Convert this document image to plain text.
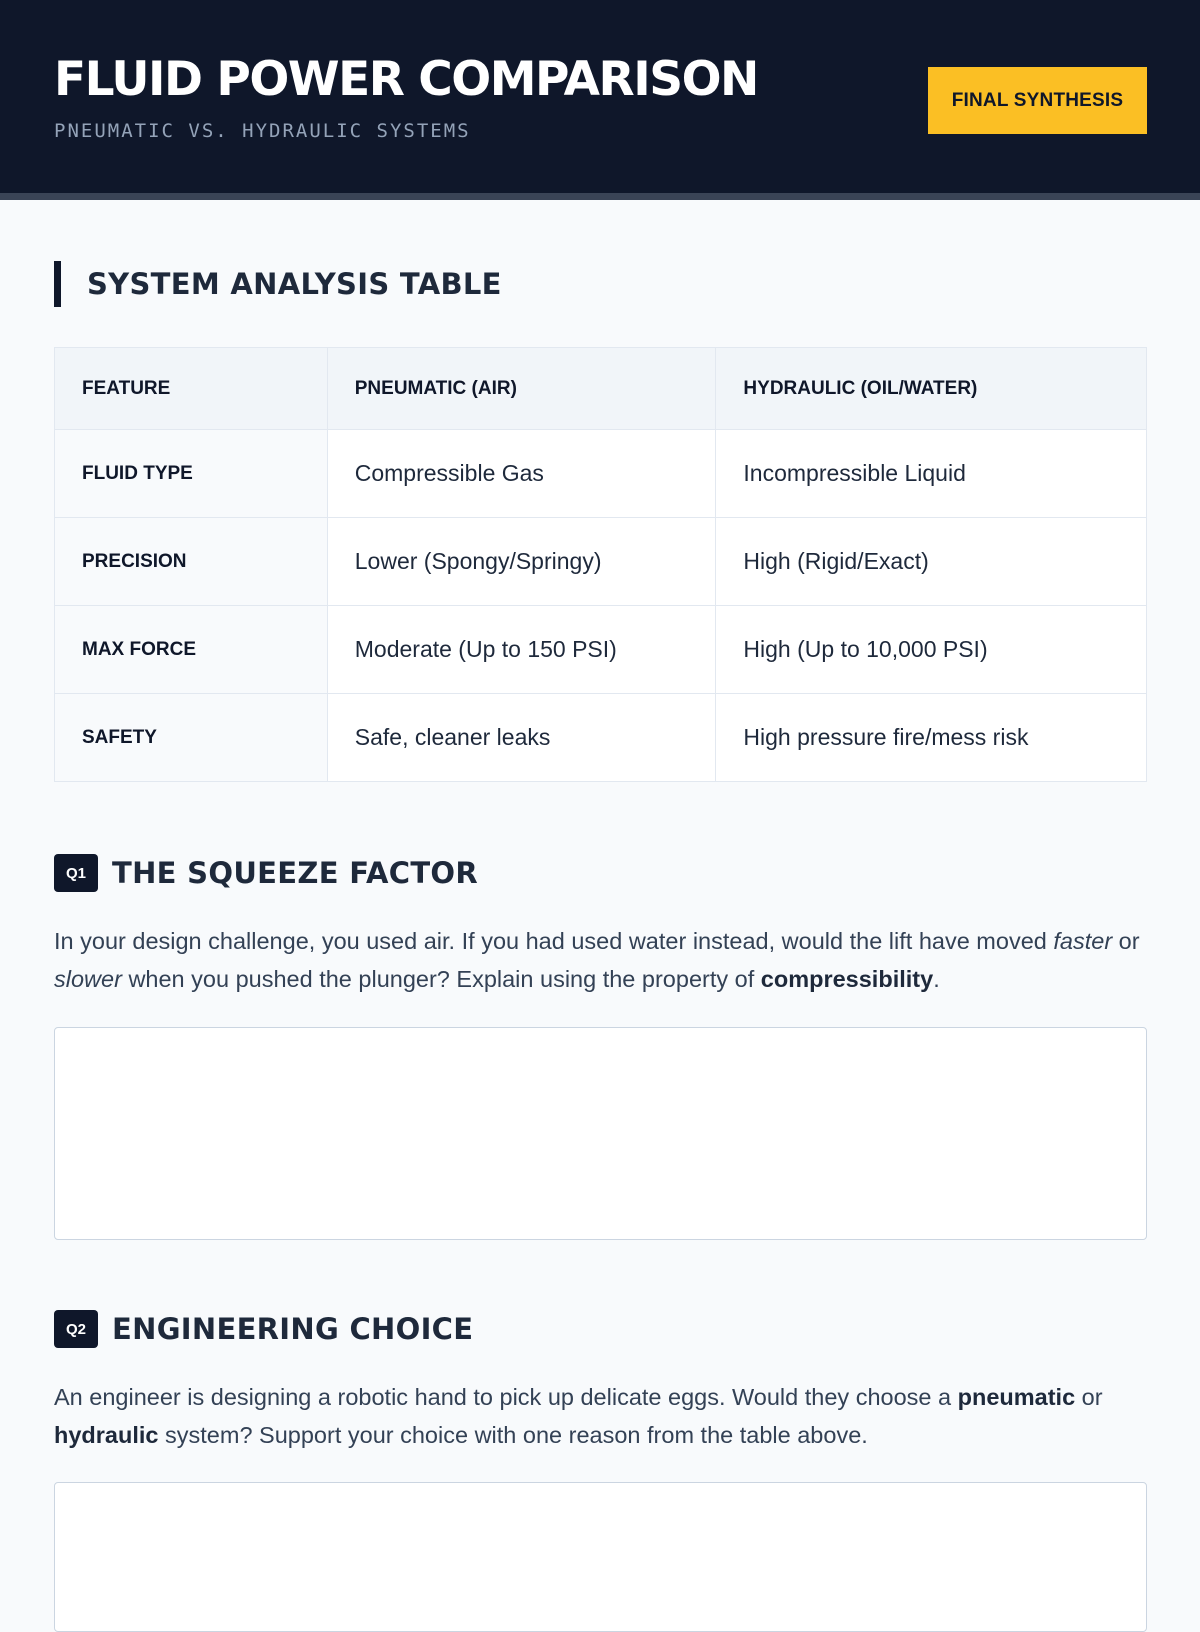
FLUID POWER COMPARISON
PNEUMATIC VS. HYDRAULIC SYSTEMS
FINAL SYNTHESIS
SYSTEM ANALYSIS TABLE
FEATURE	PNEUMATIC (AIR)	HYDRAULIC (OIL/WATER)
FLUID TYPE	Compressible Gas	Incompressible Liquid
PRECISION	Lower (Spongy/Springy)	High (Rigid/Exact)
MAX FORCE	Moderate (Up to 150 PSI)	High (Up to 10,000 PSI)
SAFETY	Safe, cleaner leaks	High pressure fire/mess risk
Q1 THE SQUEEZE FACTOR

In your design challenge, you used air. If you had used water instead, would the lift have moved faster or slower when you pushed the plunger? Explain using the property of compressibility.

Q2 ENGINEERING CHOICE

An engineer is designing a robotic hand to pick up delicate eggs. Would they choose a pneumatic or hydraulic system? Support your choice with one reason from the table above.
